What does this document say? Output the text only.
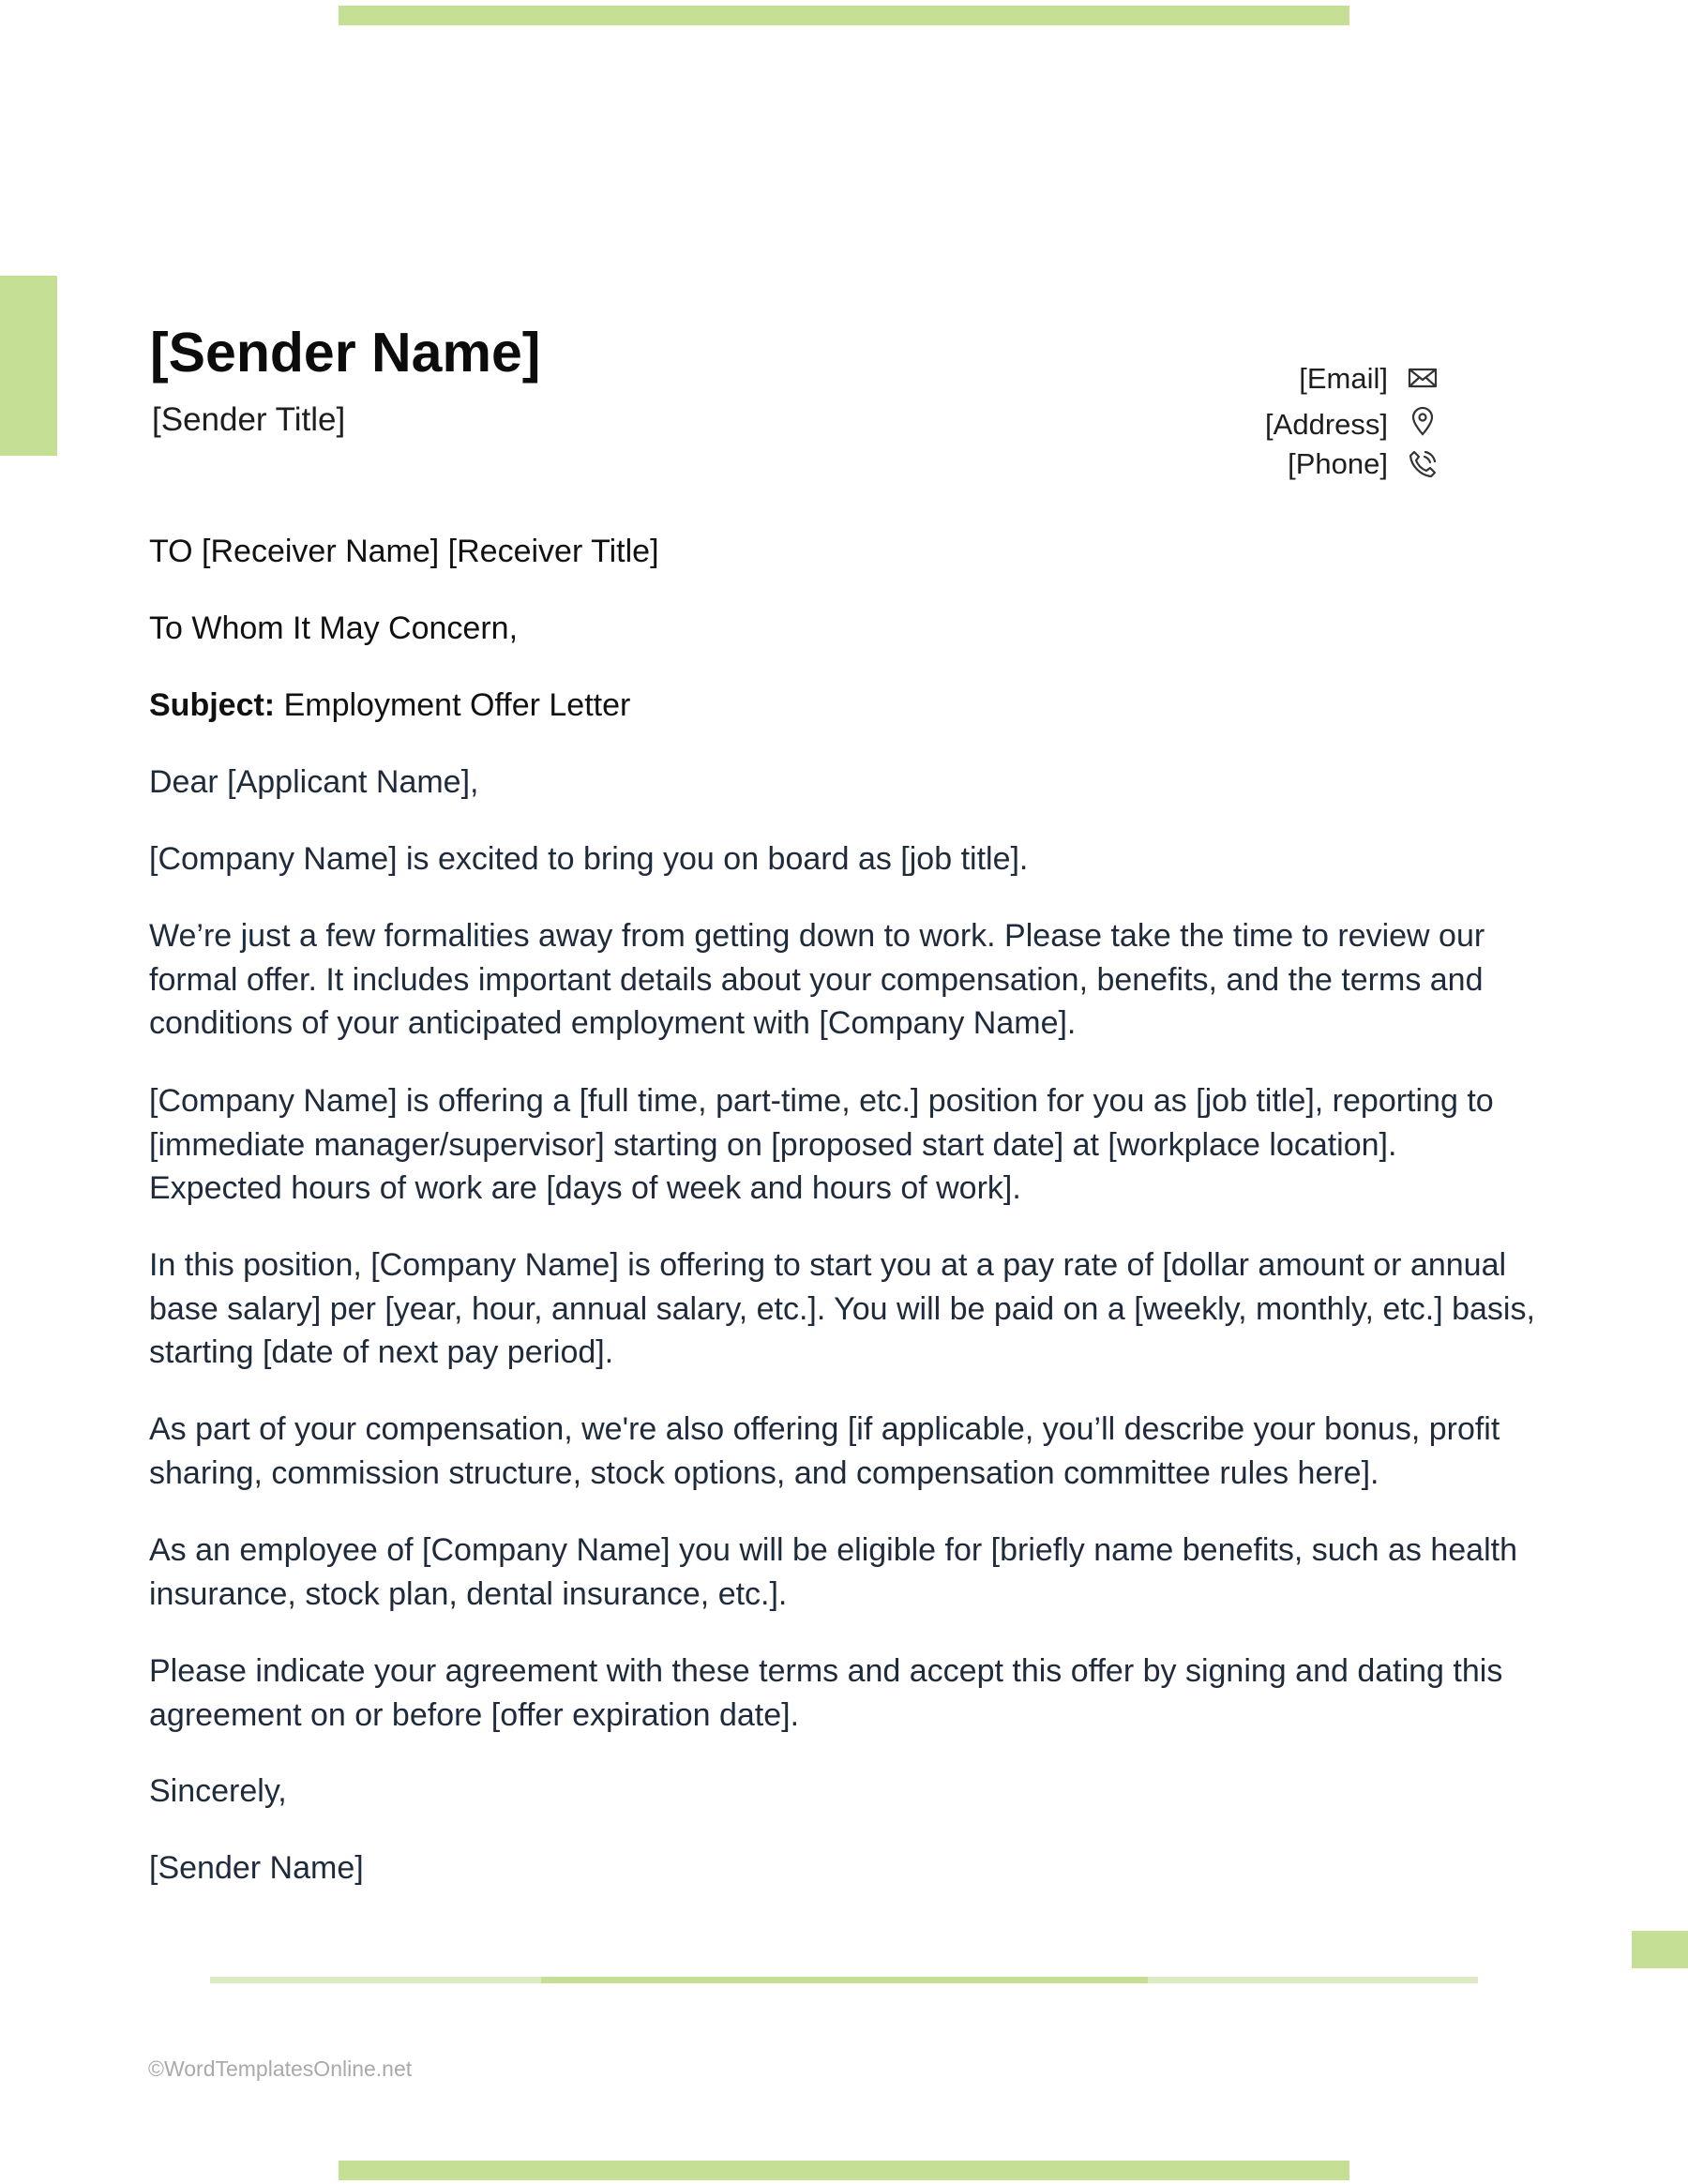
[Sender Name]
[Sender Title]
[Email]
[Address]
[Phone]

TO [Receiver Name] [Receiver Title]

To Whom It May Concern,

Subject: Employment Offer Letter

Dear [Applicant Name],

[Company Name] is excited to bring you on board as [job title].

We’re just a few formalities away from getting down to work. Please take the time to review our formal offer. It includes important details about your compensation, benefits, and the terms and conditions of your anticipated employment with [Company Name].

[Company Name] is offering a [full time, part-time, etc.] position for you as [job title], reporting to [immediate manager/supervisor] starting on [proposed start date] at [workplace location]. Expected hours of work are [days of week and hours of work].

In this position, [Company Name] is offering to start you at a pay rate of [dollar amount or annual base salary] per [year, hour, annual salary, etc.]. You will be paid on a [weekly, monthly, etc.] basis, starting [date of next pay period].

As part of your compensation, we're also offering [if applicable, you’ll describe your bonus, profit sharing, commission structure, stock options, and compensation committee rules here].

As an employee of [Company Name] you will be eligible for [briefly name benefits, such as health insurance, stock plan, dental insurance, etc.].

Please indicate your agreement with these terms and accept this offer by signing and dating this agreement on or before [offer expiration date].

Sincerely,

[Sender Name]

©WordTemplatesOnline.net
